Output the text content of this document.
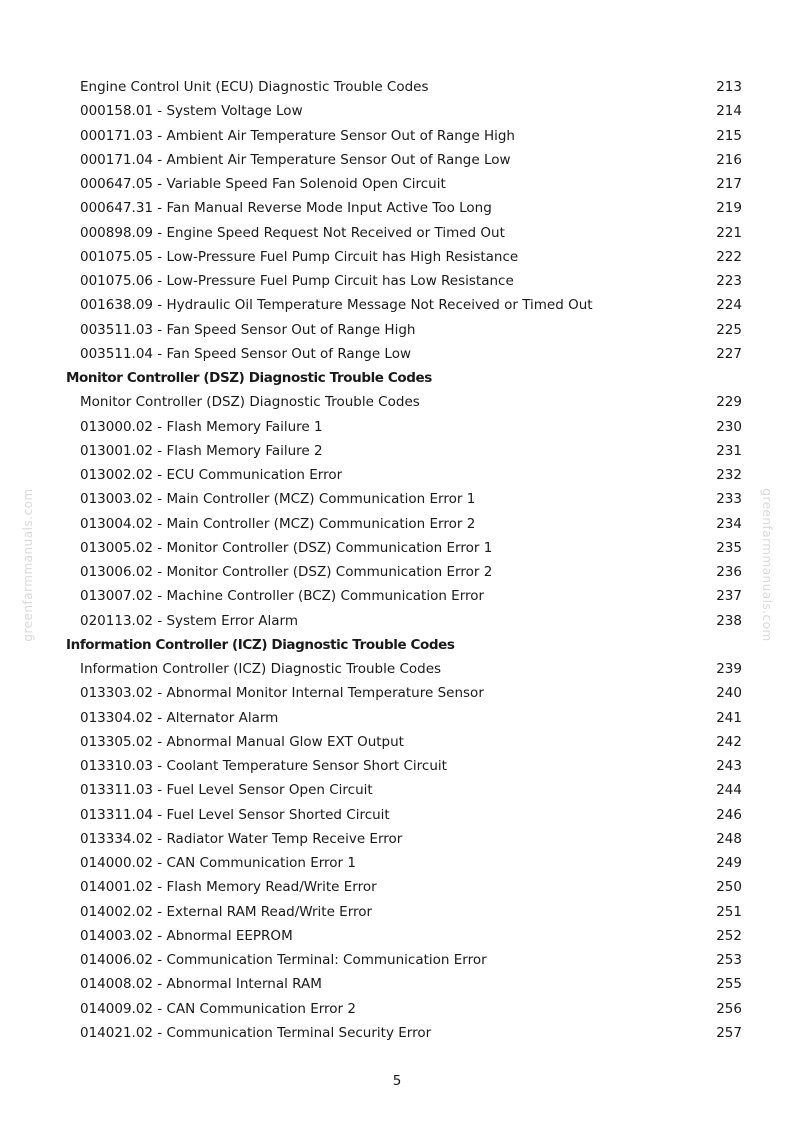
Engine Control Unit (ECU) Diagnostic Trouble Codes	213
000158.01 - System Voltage Low	214
000171.03 - Ambient Air Temperature Sensor Out of Range High	215
000171.04 - Ambient Air Temperature Sensor Out of Range Low	216
000647.05 - Variable Speed Fan Solenoid Open Circuit	217
000647.31 - Fan Manual Reverse Mode Input Active Too Long	219
000898.09 - Engine Speed Request Not Received or Timed Out	221
001075.05 - Low-Pressure Fuel Pump Circuit has High Resistance	222
001075.06 - Low-Pressure Fuel Pump Circuit has Low Resistance	223
001638.09 - Hydraulic Oil Temperature Message Not Received or Timed Out	224
003511.03 - Fan Speed Sensor Out of Range High	225
003511.04 - Fan Speed Sensor Out of Range Low	227
Monitor Controller (DSZ) Diagnostic Trouble Codes
Monitor Controller (DSZ) Diagnostic Trouble Codes	229
013000.02 - Flash Memory Failure 1	230
013001.02 - Flash Memory Failure 2	231
013002.02 - ECU Communication Error	232
013003.02 - Main Controller (MCZ) Communication Error 1	233
013004.02 - Main Controller (MCZ) Communication Error 2	234
013005.02 - Monitor Controller (DSZ) Communication Error 1	235
013006.02 - Monitor Controller (DSZ) Communication Error 2	236
013007.02 - Machine Controller (BCZ) Communication Error	237
020113.02 - System Error Alarm	238
Information Controller (ICZ) Diagnostic Trouble Codes
Information Controller (ICZ) Diagnostic Trouble Codes	239
013303.02 - Abnormal Monitor Internal Temperature Sensor	240
013304.02 - Alternator Alarm	241
013305.02 - Abnormal Manual Glow EXT Output	242
013310.03 - Coolant Temperature Sensor Short Circuit	243
013311.03 - Fuel Level Sensor Open Circuit	244
013311.04 - Fuel Level Sensor Shorted Circuit	246
013334.02 - Radiator Water Temp Receive Error	248
014000.02 - CAN Communication Error 1	249
014001.02 - Flash Memory Read/Write Error	250
014002.02 - External RAM Read/Write Error	251
014003.02 - Abnormal EEPROM	252
014006.02 - Communication Terminal: Communication Error	253
014008.02 - Abnormal Internal RAM	255
014009.02 - CAN Communication Error 2	256
014021.02 - Communication Terminal Security Error	257
greenfarmmanuals.com	greenfarmmanuals.com
5
